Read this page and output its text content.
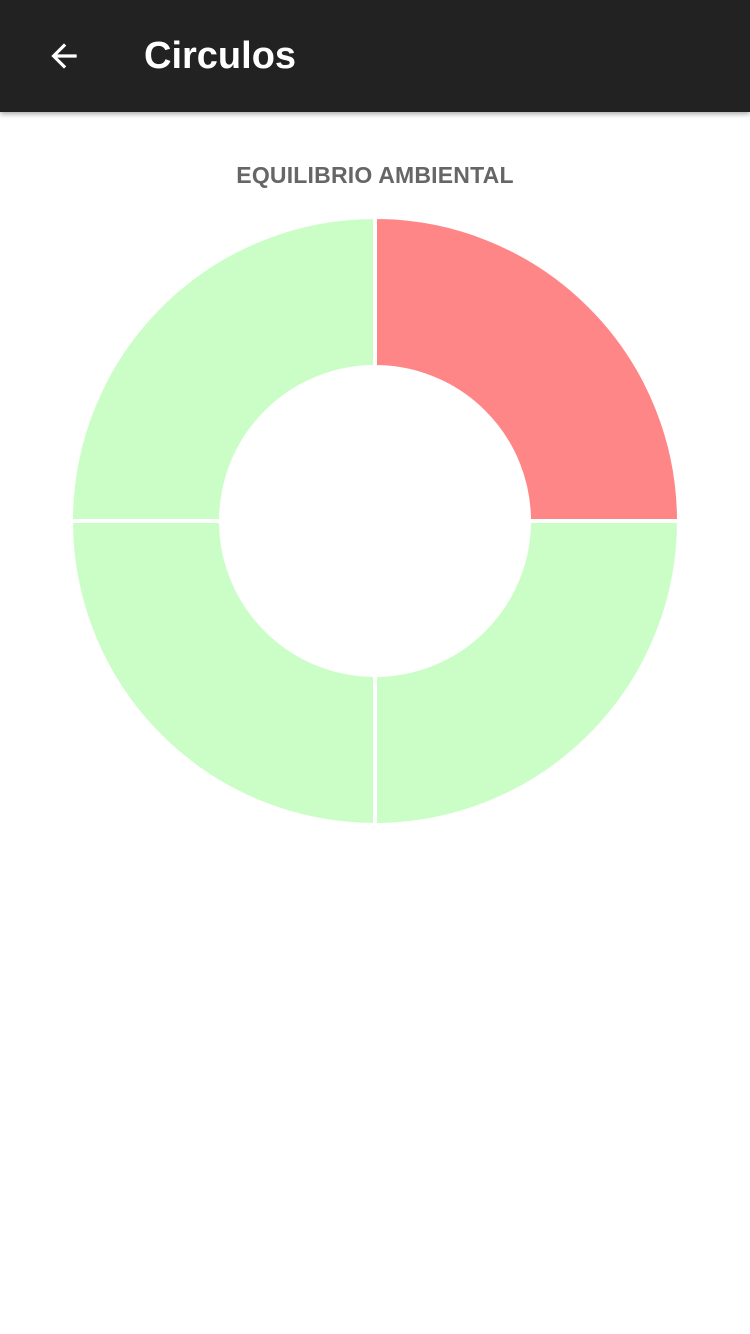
Circulos
EQUILIBRIO AMBIENTAL
